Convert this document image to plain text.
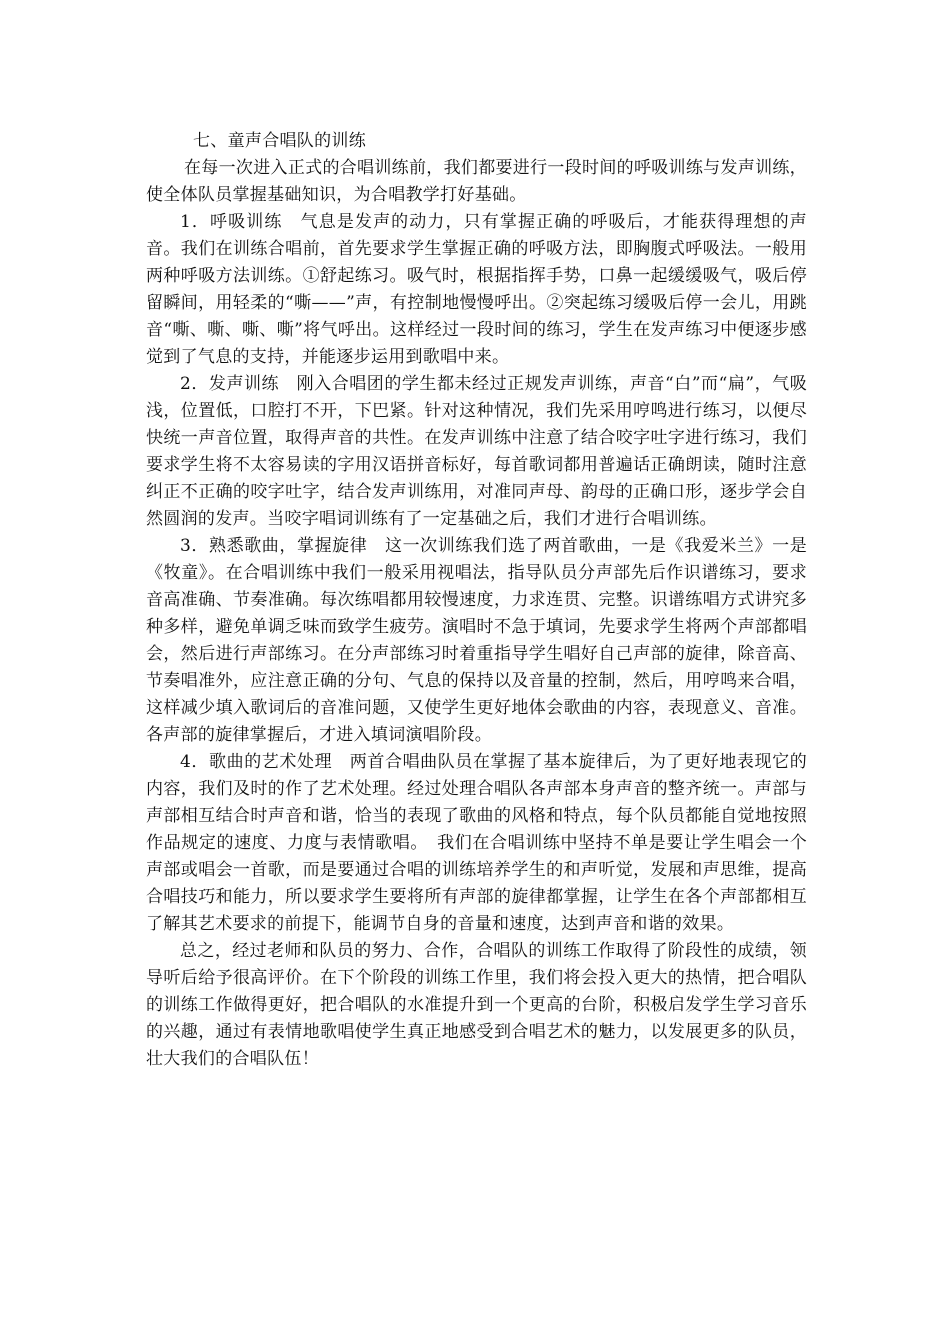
七、童声合唱队的训练

在每一次进入正式的合唱训练前，我们都要进行一段时间的呼吸训练与发声训练，使全体队员掌握基础知识，为合唱教学打好基础。

1．呼吸训练　气息是发声的动力，只有掌握正确的呼吸后，才能获得理想的声音。我们在训练合唱前，首先要求学生掌握正确的呼吸方法，即胸腹式呼吸法。一般用两种呼吸方法训练。①舒起练习。吸气时，根据指挥手势，口鼻一起缓缓吸气，吸后停留瞬间，用轻柔的“嘶——”声，有控制地慢慢呼出。②突起练习缓吸后停一会儿，用跳音“嘶、嘶、嘶、嘶”将气呼出。这样经过一段时间的练习，学生在发声练习中便逐步感觉到了气息的支持，并能逐步运用到歌唱中来。

2．发声训练　刚入合唱团的学生都未经过正规发声训练，声音“白”而“扁”，气吸浅，位置低，口腔打不开，下巴紧。针对这种情况，我们先采用哼鸣进行练习，以便尽快统一声音位置，取得声音的共性。在发声训练中注意了结合咬字吐字进行练习，我们要求学生将不太容易读的字用汉语拼音标好，每首歌词都用普遍话正确朗读，随时注意纠正不正确的咬字吐字，结合发声训练用，对准同声母、韵母的正确口形，逐步学会自然圆润的发声。当咬字唱词训练有了一定基础之后，我们才进行合唱训练。

3．熟悉歌曲，掌握旋律　这一次训练我们选了两首歌曲，一是《我爱米兰》一是《牧童》。在合唱训练中我们一般采用视唱法，指导队员分声部先后作识谱练习，要求音高准确、节奏准确。每次练唱都用较慢速度，力求连贯、完整。识谱练唱方式讲究多种多样，避免单调乏味而致学生疲劳。演唱时不急于填词，先要求学生将两个声部都唱会，然后进行声部练习。在分声部练习时着重指导学生唱好自己声部的旋律，除音高、节奏唱准外，应注意正确的分句、气息的保持以及音量的控制，然后，用哼鸣来合唱，这样减少填入歌词后的音准问题，又使学生更好地体会歌曲的内容，表现意义、音准。各声部的旋律掌握后，才进入填词演唱阶段。

4．歌曲的艺术处理　两首合唱曲队员在掌握了基本旋律后，为了更好地表现它的内容，我们及时的作了艺术处理。经过处理合唱队各声部本身声音的整齐统一。声部与声部相互结合时声音和谐，恰当的表现了歌曲的风格和特点，每个队员都能自觉地按照作品规定的速度、力度与表情歌唱。　我们在合唱训练中坚持不单是要让学生唱会一个声部或唱会一首歌，而是要通过合唱的训练培养学生的和声听觉，发展和声思维，提高合唱技巧和能力，所以要求学生要将所有声部的旋律都掌握，让学生在各个声部都相互了解其艺术要求的前提下，能调节自身的音量和速度，达到声音和谐的效果。

总之，经过老师和队员的努力、合作，合唱队的训练工作取得了阶段性的成绩，领导听后给予很高评价。在下个阶段的训练工作里，我们将会投入更大的热情，把合唱队的训练工作做得更好，把合唱队的水准提升到一个更高的台阶，积极启发学生学习音乐的兴趣，通过有表情地歌唱使学生真正地感受到合唱艺术的魅力，以发展更多的队员，壮大我们的合唱队伍！
